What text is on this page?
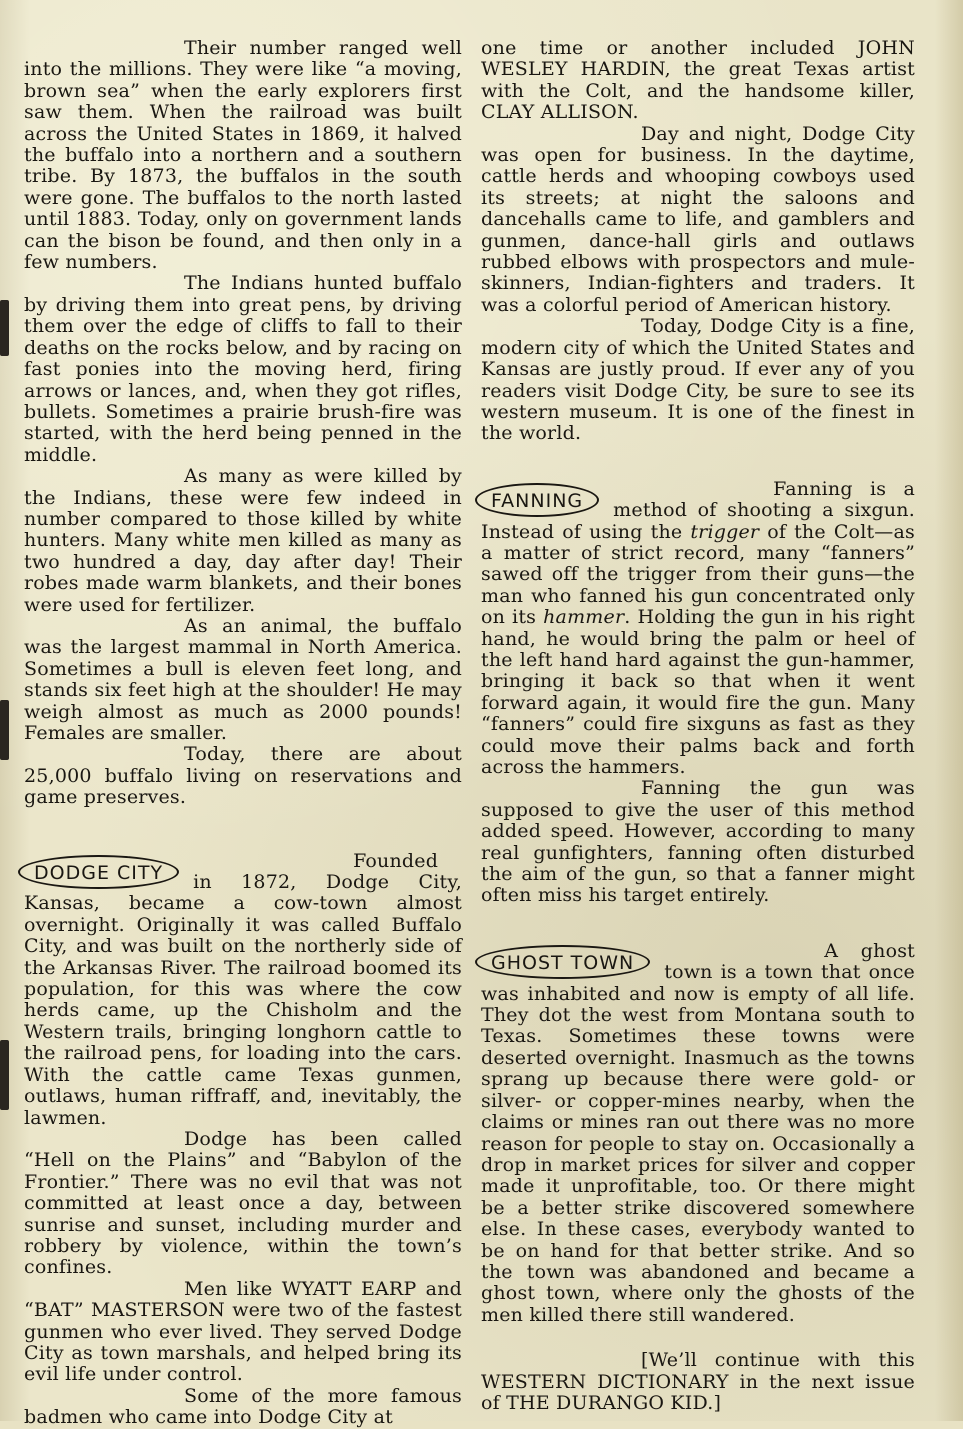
Their number ranged well into the millions. They were like “a moving, brown sea” when the early explorers first saw them. When the railroad was built across the United States in 1869, it halved the buffalo into a northern and a southern tribe. By 1873, the buffalos in the south were gone. The buffalos to the north lasted until 1883. Today, only on government lands can the bison be found, and then only in a few numbers.

The Indians hunted buffalo by driving them into great pens, by driving them over the edge of cliffs to fall to their deaths on the rocks below, and by racing on fast ponies into the moving herd, firing arrows or lances, and, when they got rifles, bullets. Sometimes a prairie brush-fire was started, with the herd being penned in the middle.

As many as were killed by the Indians, these were few indeed in number compared to those killed by white hunters. Many white men killed as many as two hundred a day, day after day! Their robes made warm blankets, and their bones were used for fertilizer.

As an animal, the buffalo was the largest mammal in North America. Sometimes a bull is eleven feet long, and stands six feet high at the shoulder! He may weigh almost as much as 2000 pounds! Females are smaller.

Today, there are about 25,000 buffalo living on reservations and game preserves.

DODGE CITY

Founded in 1872, Dodge City, Kansas, became a cow-town almost overnight. Originally it was called Buffalo City, and was built on the northerly side of the Arkansas River. The railroad boomed its population, for this was where the cow herds came, up the Chisholm and the Western trails, bringing longhorn cattle to the railroad pens, for loading into the cars. With the cattle came Texas gunmen, outlaws, human riffraff, and, inevitably, the lawmen.

Dodge has been called “Hell on the Plains” and “Babylon of the Frontier.” There was no evil that was not committed at least once a day, between sunrise and sunset, including murder and robbery by violence, within the town’s confines.

Men like WYATT EARP and “BAT” MASTERSON were two of the fastest gunmen who ever lived. They served Dodge City as town marshals, and helped bring its evil life under control.

Some of the more famous badmen who came into Dodge City at

one time or another included JOHN WESLEY HARDIN, the great Texas artist with the Colt, and the handsome killer, CLAY ALLISON.

Day and night, Dodge City was open for business. In the daytime, cattle herds and whooping cowboys used its streets; at night the saloons and dancehalls came to life, and gamblers and gunmen, dance-hall girls and outlaws rubbed elbows with prospectors and mule-skinners, Indian-fighters and traders. It was a colorful period of American history.

Today, Dodge City is a fine, modern city of which the United States and Kansas are justly proud. If ever any of you readers visit Dodge City, be sure to see its western museum. It is one of the finest in the world.

FANNING

Fanning is a method of shooting a sixgun. Instead of using the trigger of the Colt—as a matter of strict record, many “fanners” sawed off the trigger from their guns—the man who fanned his gun concentrated only on its hammer. Holding the gun in his right hand, he would bring the palm or heel of the left hand hard against the gun-hammer, bringing it back so that when it went forward again, it would fire the gun. Many “fanners” could fire sixguns as fast as they could move their palms back and forth across the hammers.

Fanning the gun was supposed to give the user of this method added speed. However, according to many real gunfighters, fanning often disturbed the aim of the gun, so that a fanner might often miss his target entirely.

GHOST TOWN

A ghost town is a town that once was inhabited and now is empty of all life. They dot the west from Montana south to Texas. Sometimes these towns were deserted overnight. Inasmuch as the towns sprang up because there were gold- or silver- or copper-mines nearby, when the claims or mines ran out there was no more reason for people to stay on. Occasionally a drop in market prices for silver and copper made it unprofitable, too. Or there might be a better strike discovered somewhere else. In these cases, everybody wanted to be on hand for that better strike. And so the town was abandoned and became a ghost town, where only the ghosts of the men killed there still wandered.

[We’ll continue with this WESTERN DICTIONARY in the next issue of THE DURANGO KID.]
